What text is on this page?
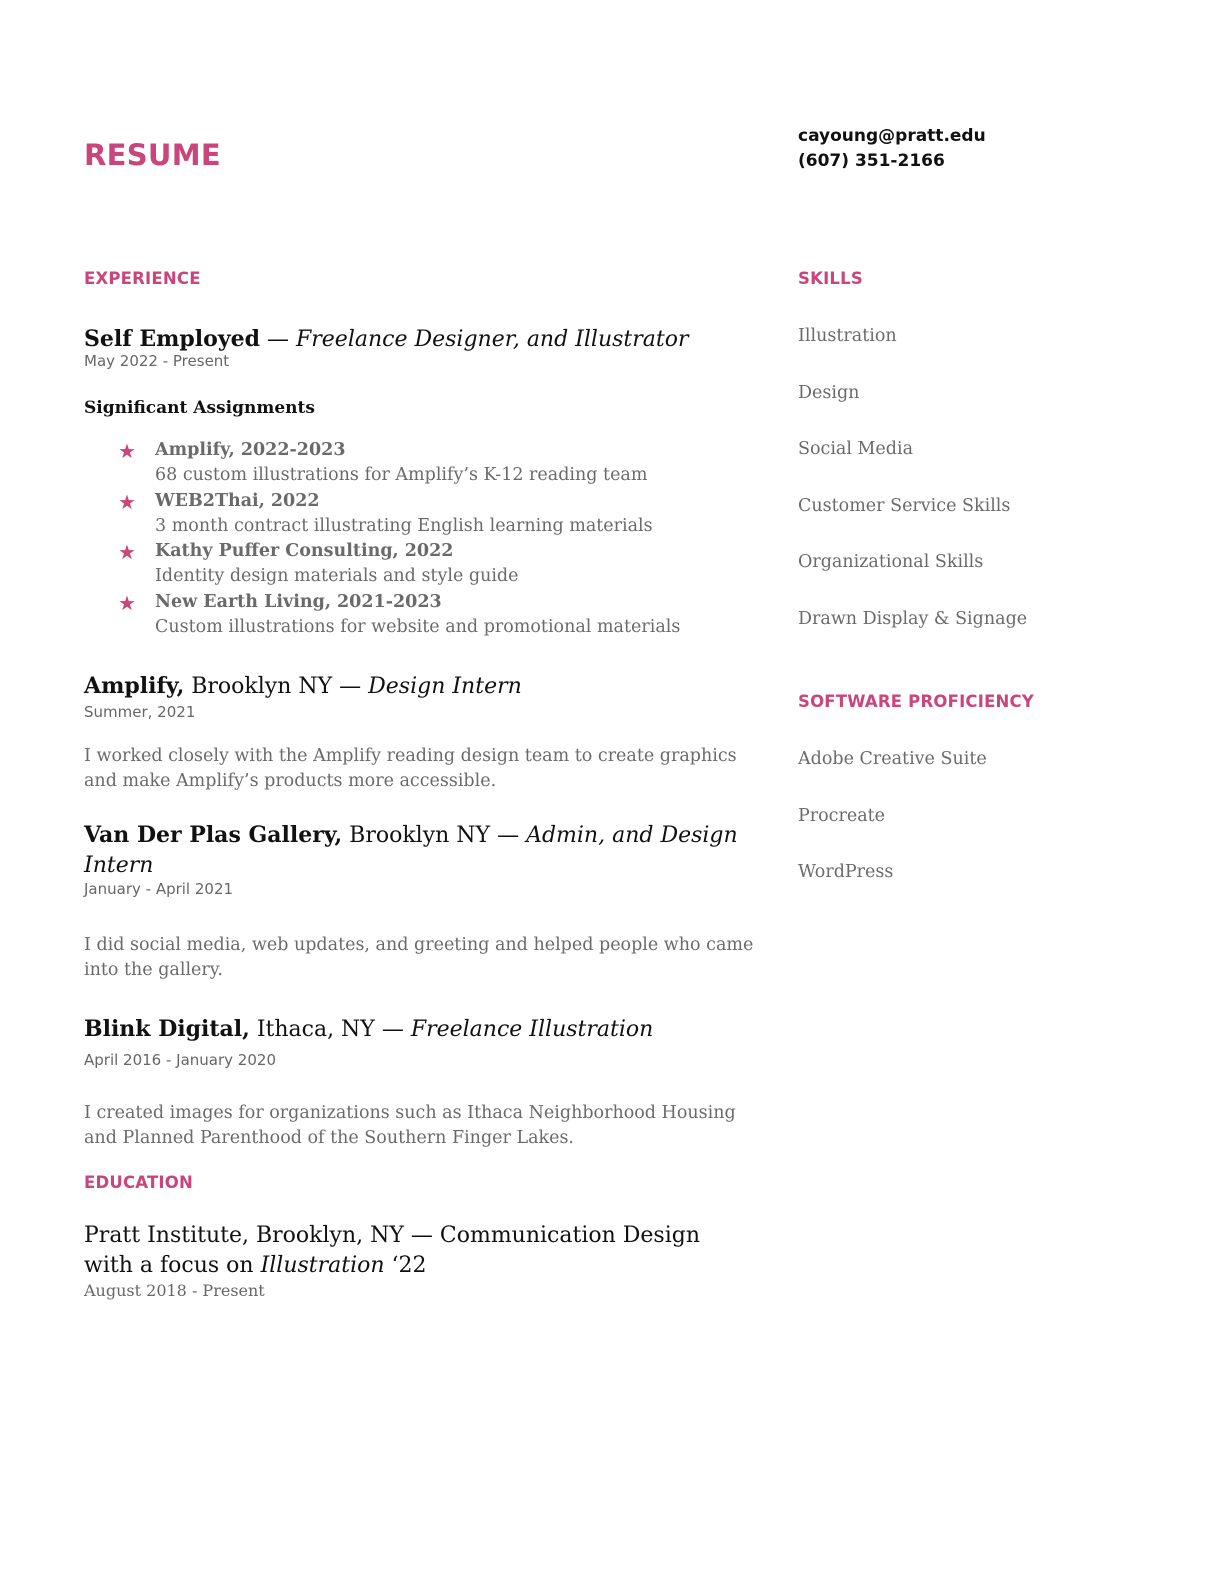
RESUME
cayoung@pratt.edu
(607) 351-2166
EXPERIENCE
Self Employed — Freelance Designer, and Illustrator
May 2022 - Present
Significant Assignments
★ Amplify, 2022-2023
68 custom illustrations for Amplify’s K-12 reading team
★ WEB2Thai, 2022
3 month contract illustrating English learning materials
★ Kathy Puffer Consulting, 2022
Identity design materials and style guide
★ New Earth Living, 2021-2023
Custom illustrations for website and promotional materials
Amplify, Brooklyn NY — Design Intern
Summer, 2021
I worked closely with the Amplify reading design team to create graphics and make Amplify’s products more accessible.
Van Der Plas Gallery, Brooklyn NY — Admin, and Design Intern
January - April 2021
I did social media, web updates, and greeting and helped people who came into the gallery.
Blink Digital, Ithaca, NY — Freelance Illustration
April 2016 - January 2020
I created images for organizations such as Ithaca Neighborhood Housing and Planned Parenthood of the Southern Finger Lakes.
EDUCATION
Pratt Institute, Brooklyn, NY — Communication Design with a focus on Illustration ‘22
August 2018 - Present
SKILLS
Illustration
Design
Social Media
Customer Service Skills
Organizational Skills
Drawn Display & Signage
SOFTWARE PROFICIENCY
Adobe Creative Suite
Procreate
WordPress
